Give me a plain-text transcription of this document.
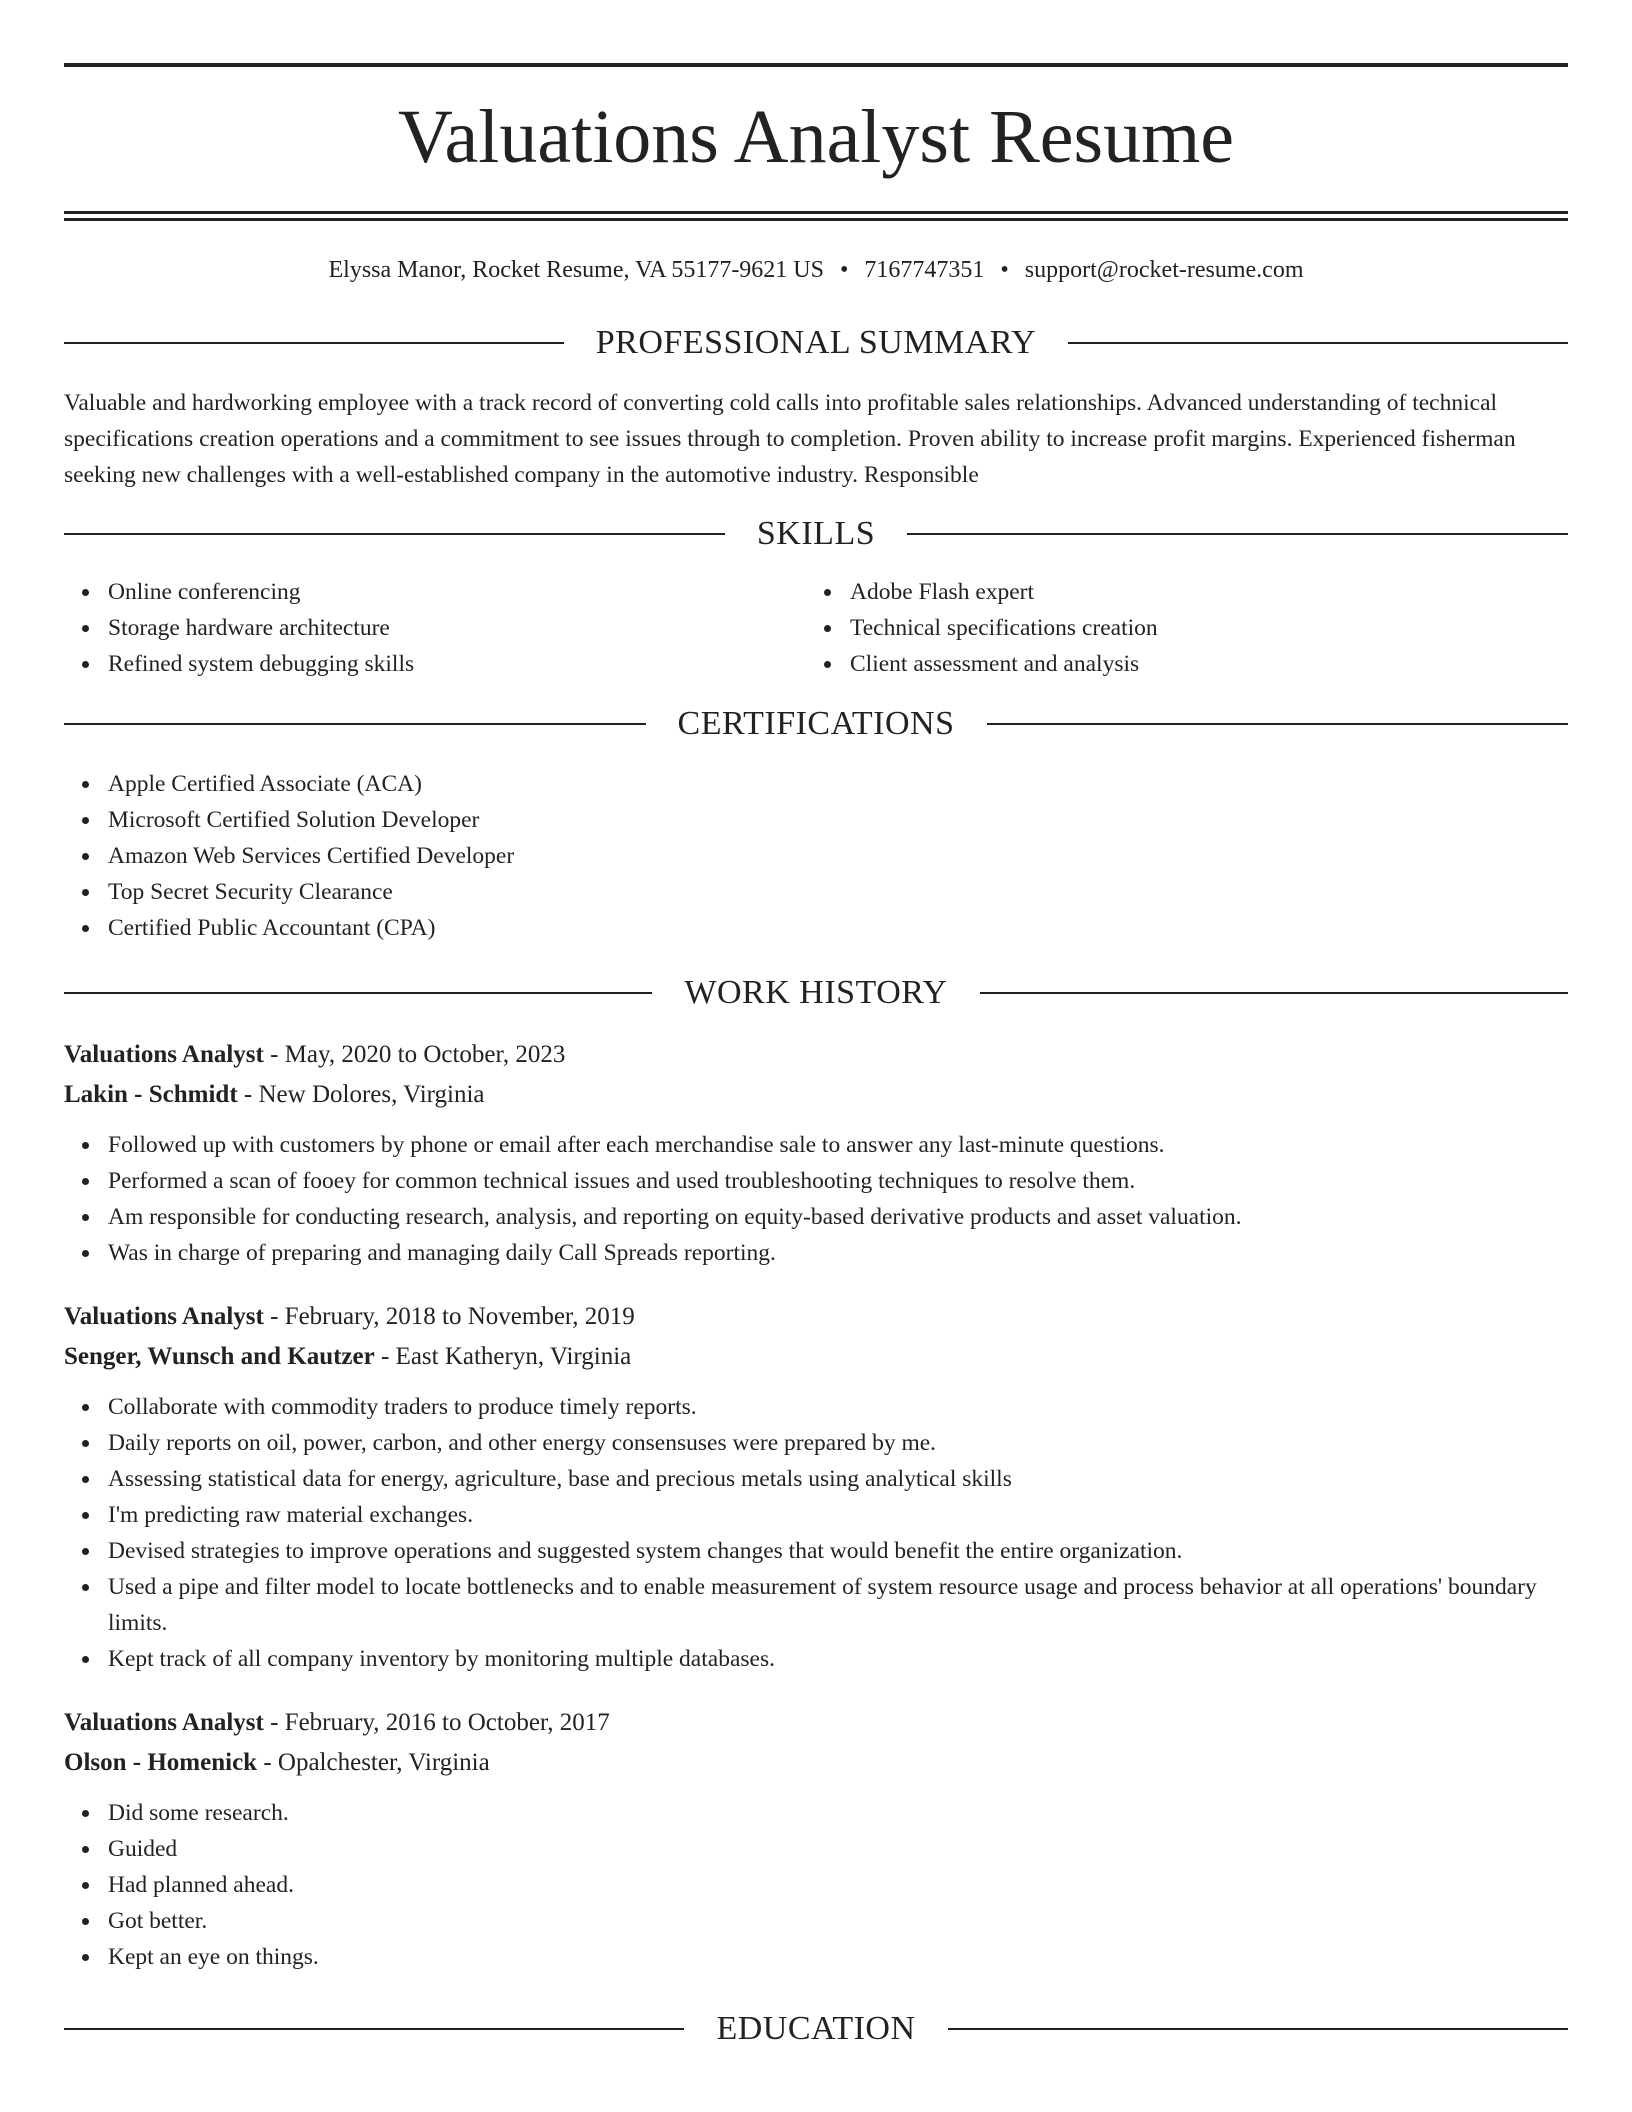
Valuations Analyst Resume
Elyssa Manor, Rocket Resume, VA 55177-9621 US • 7167747351 • support@rocket-resume.com
PROFESSIONAL SUMMARY
Valuable and hardworking employee with a track record of converting cold calls into profitable sales relationships. Advanced understanding of technical specifications creation operations and a commitment to see issues through to completion. Proven ability to increase profit margins. Experienced fisherman seeking new challenges with a well-established company in the automotive industry. Responsible
SKILLS
Online conferencing
Storage hardware architecture
Refined system debugging skills
Adobe Flash expert
Technical specifications creation
Client assessment and analysis
CERTIFICATIONS
Apple Certified Associate (ACA)
Microsoft Certified Solution Developer
Amazon Web Services Certified Developer
Top Secret Security Clearance
Certified Public Accountant (CPA)
WORK HISTORY
Valuations Analyst - May, 2020 to October, 2023
Lakin - Schmidt - New Dolores, Virginia
Followed up with customers by phone or email after each merchandise sale to answer any last-minute questions.
Performed a scan of fooey for common technical issues and used troubleshooting techniques to resolve them.
Am responsible for conducting research, analysis, and reporting on equity-based derivative products and asset valuation.
Was in charge of preparing and managing daily Call Spreads reporting.
Valuations Analyst - February, 2018 to November, 2019
Senger, Wunsch and Kautzer - East Katheryn, Virginia
Collaborate with commodity traders to produce timely reports.
Daily reports on oil, power, carbon, and other energy consensuses were prepared by me.
Assessing statistical data for energy, agriculture, base and precious metals using analytical skills
I'm predicting raw material exchanges.
Devised strategies to improve operations and suggested system changes that would benefit the entire organization.
Used a pipe and filter model to locate bottlenecks and to enable measurement of system resource usage and process behavior at all operations' boundary limits.
Kept track of all company inventory by monitoring multiple databases.
Valuations Analyst - February, 2016 to October, 2017
Olson - Homenick - Opalchester, Virginia
Did some research.
Guided
Had planned ahead.
Got better.
Kept an eye on things.
EDUCATION
